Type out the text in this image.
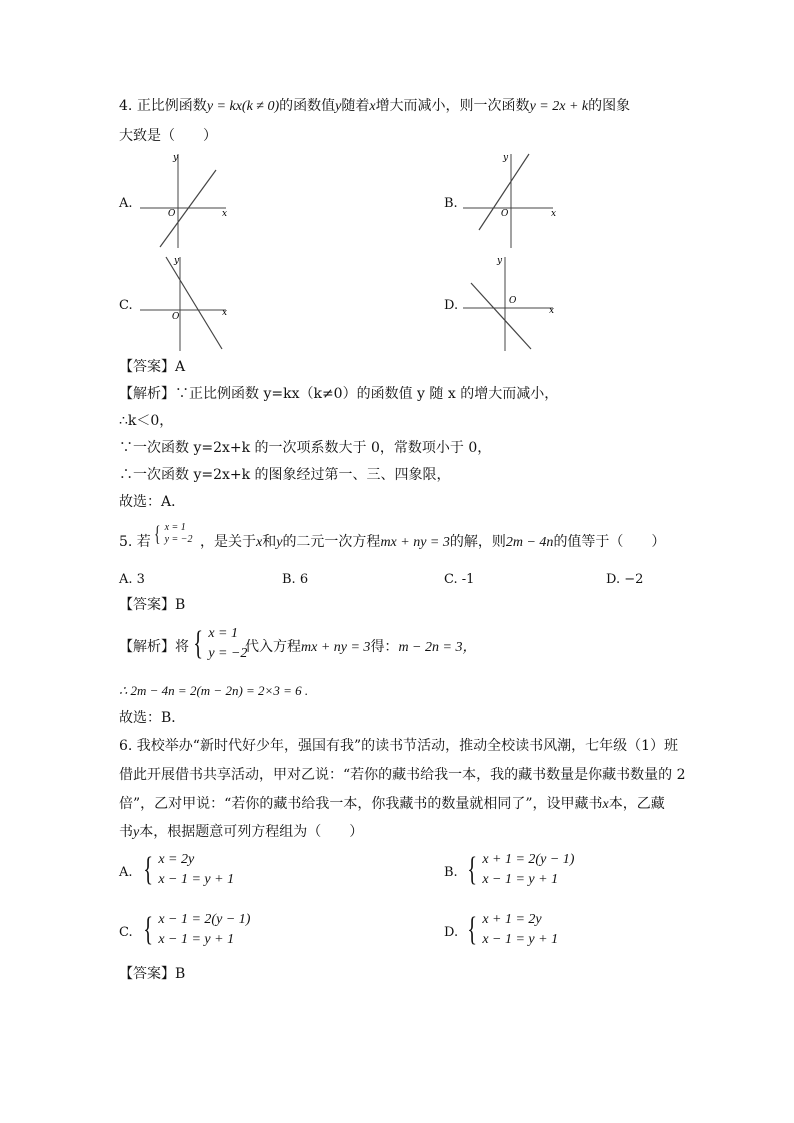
4. 正比例函数y = kx(k ≠ 0)的函数值y随着x增大而减小，则一次函数y = 2x + k的图象
大致是（　　）
A.
y
x
O
B.
y
x
O
C.
y
x
O
D.
y
x
O
【答案】A
【解析】∵正比例函数 y=kx（k≠0）的函数值 y 随 x 的增大而减小，
∴k＜0，
∵一次函数 y=2x+k 的一次项系数大于 0，常数项小于 0，
∴一次函数 y=2x+k 的图象经过第一、三、四象限，
故选：A．
5. 若 { x = 1
y = −2 ，是关于x和y的二元一次方程mx + ny = 3的解，则2m − 4n的值等于（　　）
A. 3	B. 6	C. -1	D. −2
【答案】B
【解析】将 { x = 1
y = −2
代入方程mx + ny = 3得：m − 2n = 3，
∴ 2m − 4n = 2(m − 2n) = 2×3 = 6 .
故选：B．
6. 我校举办“新时代好少年，强国有我”的读书节活动，推动全校读书风潮，七年级（1）班
借此开展借书共享活动，甲对乙说：“若你的藏书给我一本，我的藏书数量是你藏书数量的 2
倍”，乙对甲说：“若你的藏书给我一本，你我藏书的数量就相同了”，设甲藏书x本，乙藏
书y本，根据题意可列方程组为（　　）
A. { x = 2y
x − 1 = y + 1	B. { x + 1 = 2(y − 1)
x − 1 = y + 1
C. { x − 1 = 2(y − 1)
x − 1 = y + 1	D. { x + 1 = 2y
x − 1 = y + 1
【答案】B
